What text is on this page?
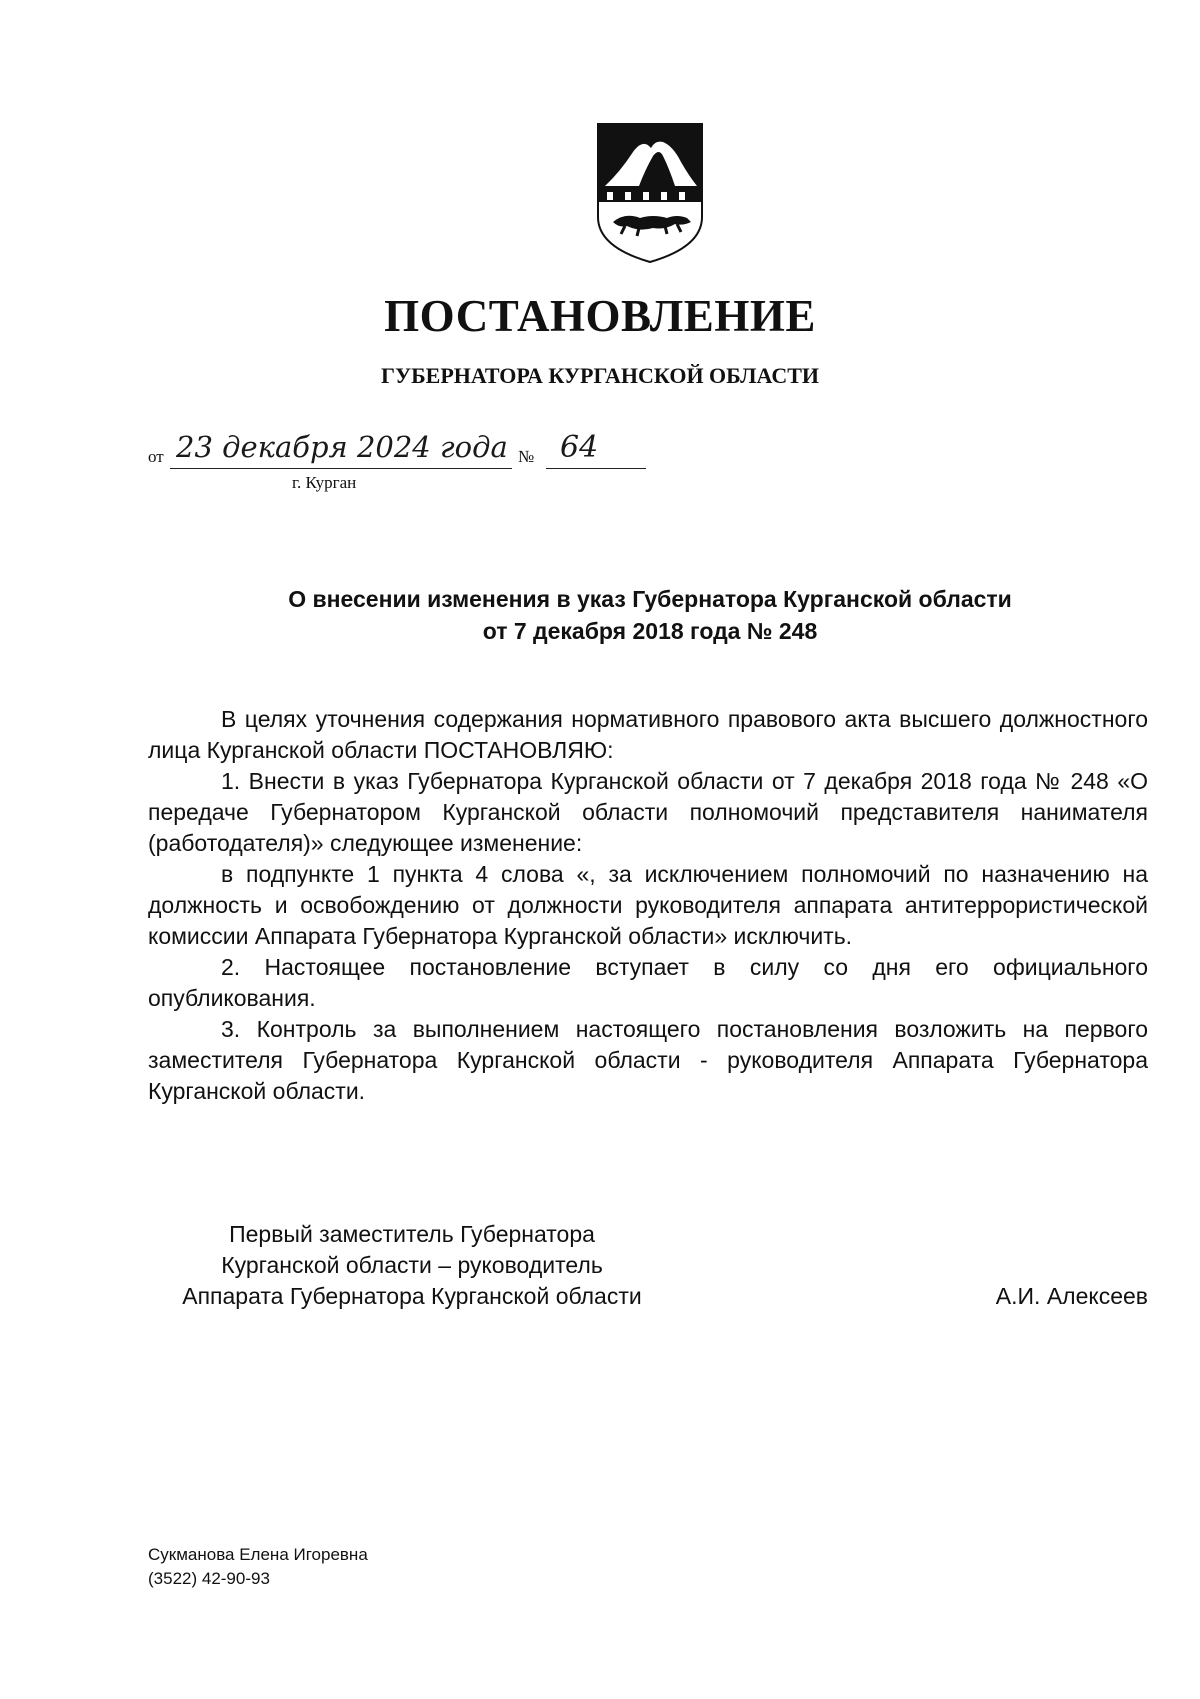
ПОСТАНОВЛЕНИЕ
ГУБЕРНАТОРА КУРГАНСКОЙ ОБЛАСТИ
от 23 декабря 2024 года № 64
г. Курган
О внесении изменения в указ Губернатора Курганской области
от 7 декабря 2018 года № 248

В целях уточнения содержания нормативного правового акта высшего должностного лица Курганской области ПОСТАНОВЛЯЮ:

1. Внести в указ Губернатора Курганской области от 7 декабря 2018 года № 248 «О передаче Губернатором Курганской области полномочий представителя нанимателя (работодателя)» следующее изменение:

в подпункте 1 пункта 4 слова «, за исключением полномочий по назначению на должность и освобождению от должности руководителя аппарата антитеррористической комиссии Аппарата Губернатора Курганской области» исключить.

2. Настоящее постановление вступает в силу со дня его официального опубликования.

3. Контроль за выполнением настоящего постановления возложить на первого заместителя Губернатора Курганской области - руководителя Аппарата Губернатора Курганской области.

Первый заместитель Губернатора
Курганской области – руководитель
Аппарата Губернатора Курганской области	А.И. Алексеев
Сукманова Елена Игоревна
(3522) 42-90-93
